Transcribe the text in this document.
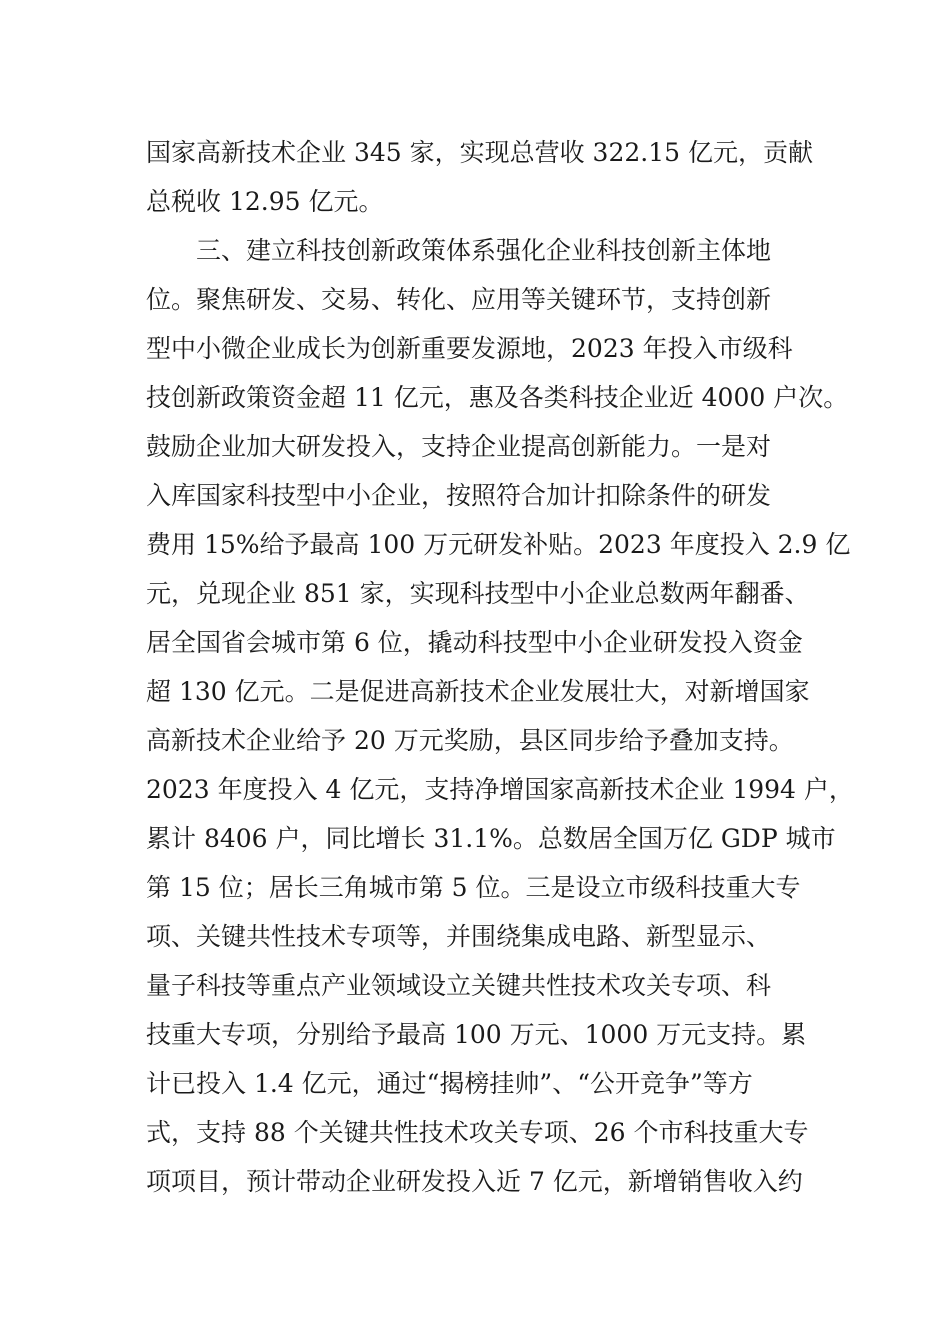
国家高新技术企业 345 家，实现总营收 322.15 亿元，贡献
总税收 12.95 亿元。
三、建立科技创新政策体系强化企业科技创新主体地
位。聚焦研发、交易、转化、应用等关键环节，支持创新
型中小微企业成长为创新重要发源地，2023 年投入市级科
技创新政策资金超 11 亿元，惠及各类科技企业近 4000 户次。
鼓励企业加大研发投入，支持企业提高创新能力。一是对
入库国家科技型中小企业，按照符合加计扣除条件的研发
费用 15%给予最高 100 万元研发补贴。2023 年度投入 2.9 亿
元，兑现企业 851 家，实现科技型中小企业总数两年翻番、
居全国省会城市第 6 位，撬动科技型中小企业研发投入资金
超 130 亿元。二是促进高新技术企业发展壮大，对新增国家
高新技术企业给予 20 万元奖励，县区同步给予叠加支持。
2023 年度投入 4 亿元，支持净增国家高新技术企业 1994 户，
累计 8406 户，同比增长 31.1%。总数居全国万亿 GDP 城市
第 15 位；居长三角城市第 5 位。三是设立市级科技重大专
项、关键共性技术专项等，并围绕集成电路、新型显示、
量子科技等重点产业领域设立关键共性技术攻关专项、科
技重大专项，分别给予最高 100 万元、1000 万元支持。累
计已投入 1.4 亿元，通过“揭榜挂帅”、“公开竞争”等方
式，支持 88 个关键共性技术攻关专项、26 个市科技重大专
项项目，预计带动企业研发投入近 7 亿元，新增销售收入约
